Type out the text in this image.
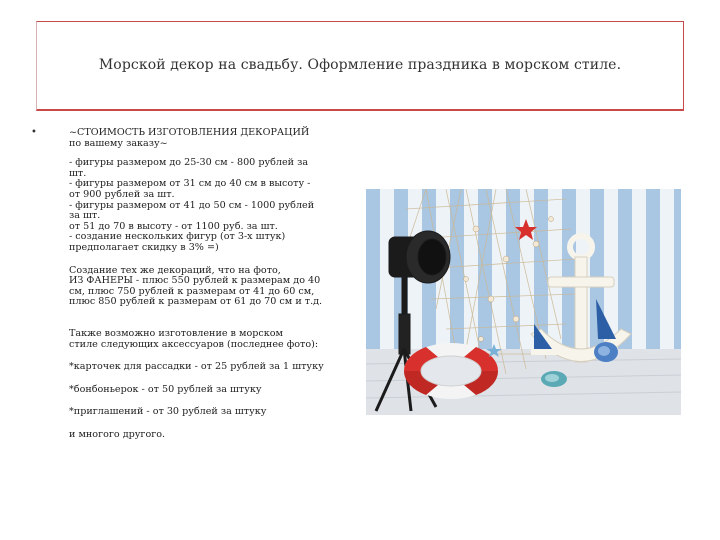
Морской декор на свадьбу. Оформление праздника в морском стиле.
•	~СТОИМОСТЬ ИЗГОТОВЛЕНИЯ ДЕКОРАЦИЙ

по вашему заказу~

- фигуры размером до 25-30 см - 800 рублей за

шт.

- фигуры размером от 31 см до 40 см в высоту -

от 900 рублей за шт.

- фигуры размером от 41 до 50 см - 1000 рублей

за шт.

от 51 до 70 в высоту - от 1100 руб. за шт.

- создание нескольких фигур (от 3-х штук)

предполагает скидку в 3% =)

Создание тех же декораций, что на фото,

ИЗ ФАНЕРЫ - плюс 550 рублей к размерам до 40

см, плюс 750 рублей к размерам от 41 до 60 см,

плюс 850 рублей к размерам от 61 до 70 см и т.д.

Также возможно изготовление в морском

стиле следующих аксессуаров (последнее фото):

*карточек для рассадки - от 25 рублей за 1 штуку

*бонбоньерок - от 50 рублей за штуку

*приглашений - от 30 рублей за штуку

и многого другого.
